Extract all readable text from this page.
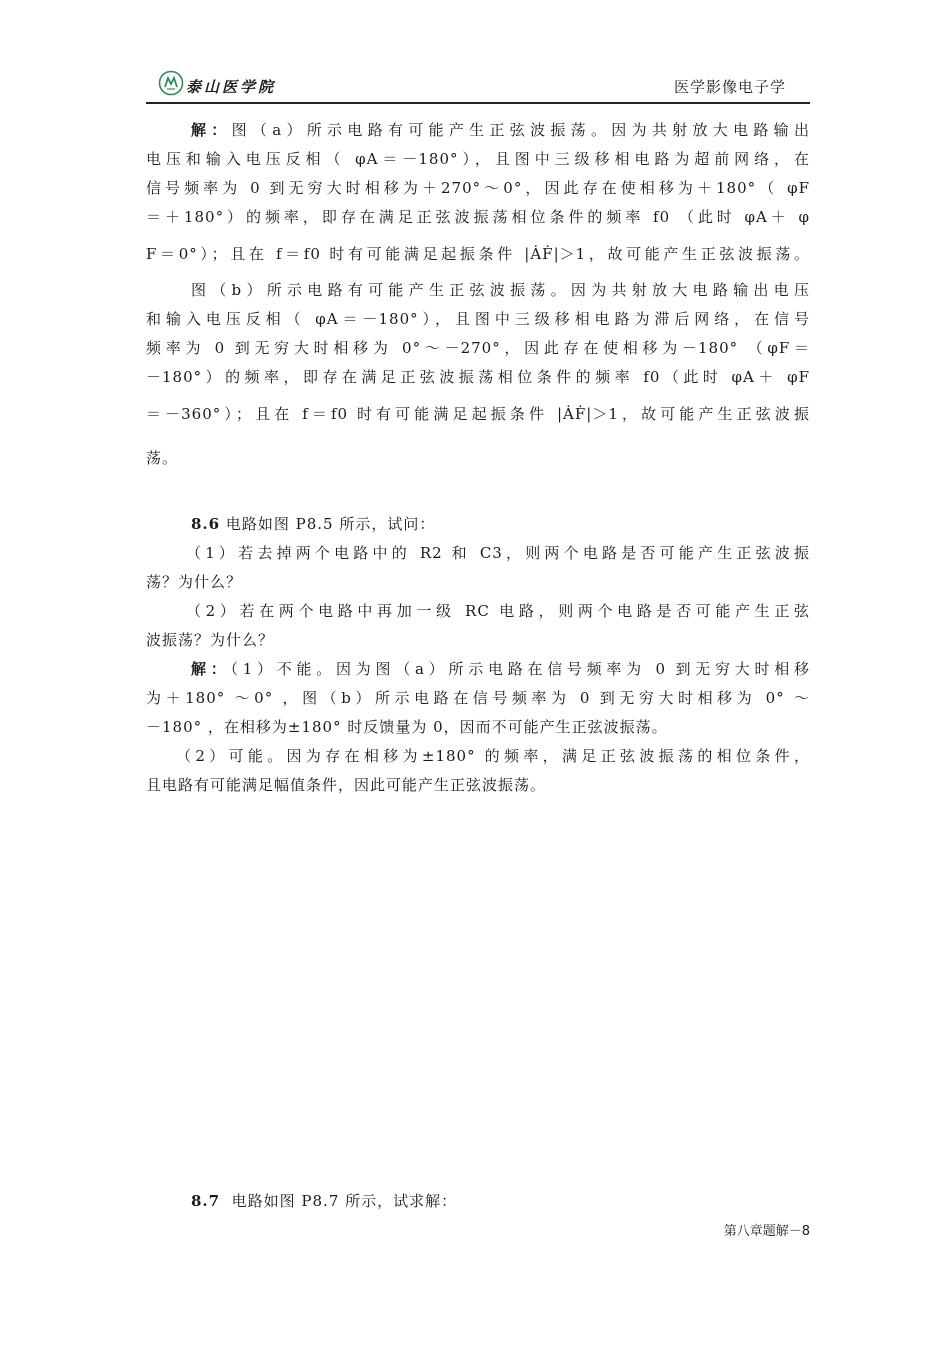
泰山医学院	医学影像电子学
解：图（a）所示电路有可能产生正弦波振荡。因为共射放大电路输出
电压和输入电压反相（ φA＝－180°），且图中三级移相电路为超前网络，在
信号频率为 0 到无穷大时相移为＋270°～0°，因此存在使相移为＋180°（ φF
＝＋180°）的频率，即存在满足正弦波振荡相位条件的频率 f0 （此时 φA＋ φ
F＝0°）；且在 f＝f0 时有可能满足起振条件 |ȦḞ|＞1，故可能产生正弦波振荡。
图（b）所示电路有可能产生正弦波振荡。因为共射放大电路输出电压
和输入电压反相（ φA＝－180°），且图中三级移相电路为滞后网络，在信号
频率为 0 到无穷大时相移为 0°～－270°，因此存在使相移为－180° （φF＝
－180°）的频率，即存在满足正弦波振荡相位条件的频率 f0（此时 φA＋ φF
＝－360°）；且在 f＝f0 时有可能满足起振条件 |ȦḞ|＞1，故可能产生正弦波振
荡。
8.6 电路如图 P8.5 所示，试问：
（1）若去掉两个电路中的 R2 和 C3，则两个电路是否可能产生正弦波振
荡？为什么？
（2）若在两个电路中再加一级 RC 电路，则两个电路是否可能产生正弦
波振荡？为什么？
解：（1）不能。因为图（a）所示电路在信号频率为 0 到无穷大时相移
为＋180° ～0° ，图（b）所示电路在信号频率为 0 到无穷大时相移为 0° ～
－180° ，在相移为±180° 时反馈量为 0，因而不可能产生正弦波振荡。
（2）可能。因为存在相移为±180° 的频率，满足正弦波振荡的相位条件，
且电路有可能满足幅值条件，因此可能产生正弦波振荡。
8.7 电路如图 P8.7 所示，试求解：
第八章题解－8
